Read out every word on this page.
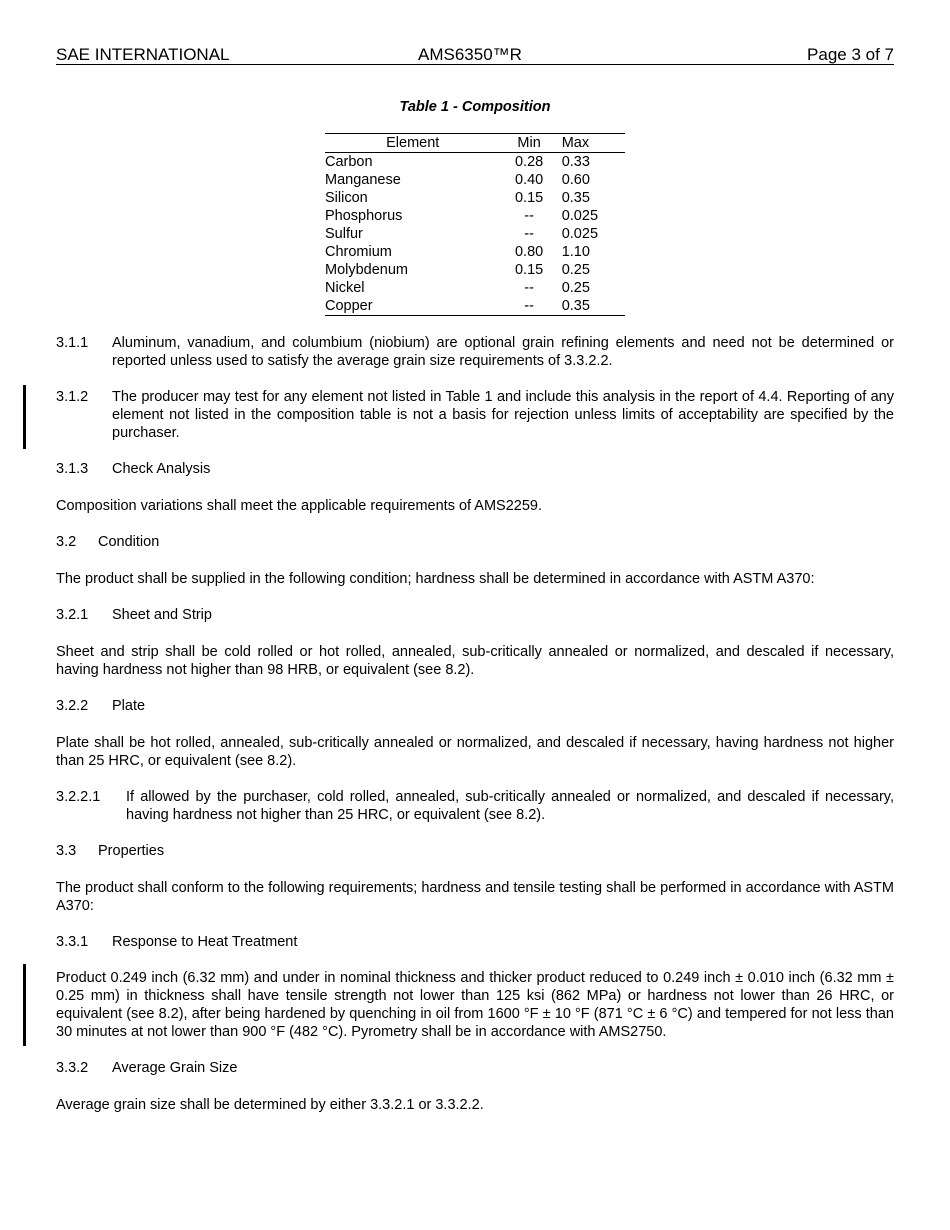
SAE INTERNATIONAL	AMS6350™R	Page 3 of 7
Table 1 - Composition
Element	Min	Max
Carbon	0.28	0.33
Manganese	0.40	0.60
Silicon	0.15	0.35
Phosphorus	--	0.025
Sulfur	--	0.025
Chromium	0.80	1.10
Molybdenum	0.15	0.25
Nickel	--	0.25
Copper	--	0.35
3.1.1 Aluminum, vanadium, and columbium (niobium) are optional grain refining elements and need not be determined or reported unless used to satisfy the average grain size requirements of 3.3.2.2.
3.1.2 The producer may test for any element not listed in Table 1 and include this analysis in the report of 4.4. Reporting of any element not listed in the composition table is not a basis for rejection unless limits of acceptability are specified by the purchaser.
3.1.3 Check Analysis
Composition variations shall meet the applicable requirements of AMS2259.
3.2 Condition
The product shall be supplied in the following condition; hardness shall be determined in accordance with ASTM A370:
3.2.1 Sheet and Strip
Sheet and strip shall be cold rolled or hot rolled, annealed, sub-critically annealed or normalized, and descaled if necessary, having hardness not higher than 98 HRB, or equivalent (see 8.2).
3.2.2 Plate
Plate shall be hot rolled, annealed, sub-critically annealed or normalized, and descaled if necessary, having hardness not higher than 25 HRC, or equivalent (see 8.2).
3.2.2.1 If allowed by the purchaser, cold rolled, annealed, sub-critically annealed or normalized, and descaled if necessary, having hardness not higher than 25 HRC, or equivalent (see 8.2).
3.3 Properties
The product shall conform to the following requirements; hardness and tensile testing shall be performed in accordance with ASTM A370:
3.3.1 Response to Heat Treatment
Product 0.249 inch (6.32 mm) and under in nominal thickness and thicker product reduced to 0.249 inch ± 0.010 inch (6.32 mm ± 0.25 mm) in thickness shall have tensile strength not lower than 125 ksi (862 MPa) or hardness not lower than 26 HRC, or equivalent (see 8.2), after being hardened by quenching in oil from 1600 °F ± 10 °F (871 °C ± 6 °C) and tempered for not less than 30 minutes at not lower than 900 °F (482 °C). Pyrometry shall be in accordance with AMS2750.
3.3.2 Average Grain Size
Average grain size shall be determined by either 3.3.2.1 or 3.3.2.2.
